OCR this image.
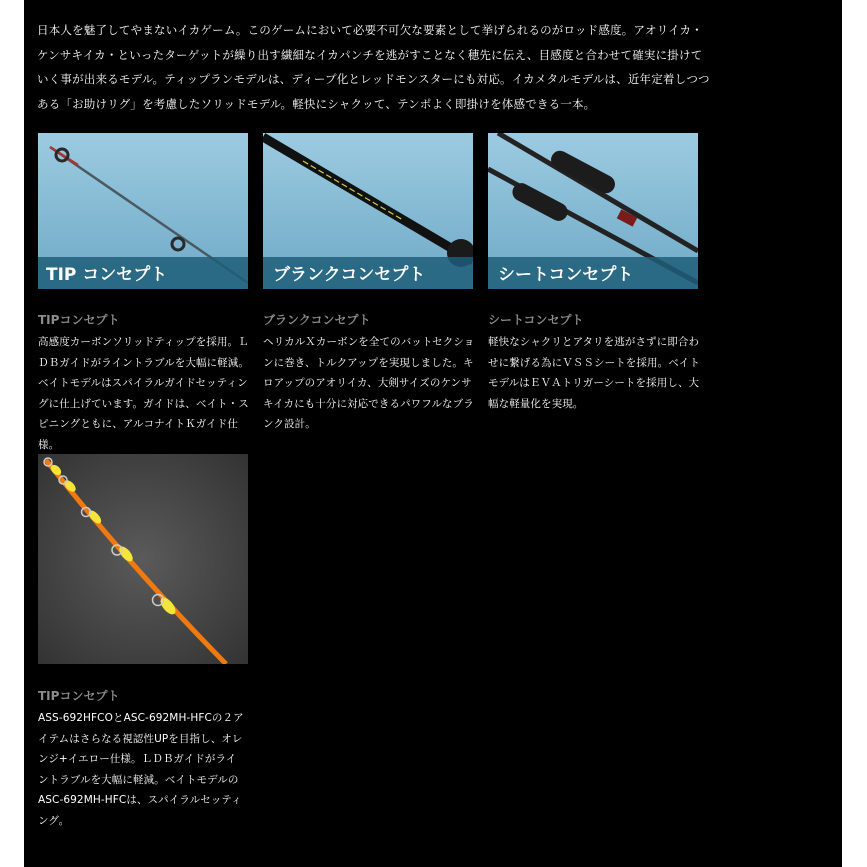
日本人を魅了してやまないイカゲーム。このゲームにおいて必要不可欠な要素として挙げられるのがロッド感度。アオリイカ・ケンサキイカ・といったターゲットが繰り出す繊細なイカパンチを逃がすことなく穂先に伝え、目感度と合わせて確実に掛けていく事が出来るモデル。ティップランモデルは、ディープ化とレッドモンスターにも対応。イカメタルモデルは、近年定着しつつある「お助けリグ」を考慮したソリッドモデル。軽快にシャクッて、テンポよく即掛けを体感できる一本。

TIP コンセプト	ブランクコンセプト	シートコンセプト

TIPコンセプト

高感度カーボンソリッドティップを採用。ＬＤＢガイドがライントラブルを大幅に軽減。ベイトモデルはスパイラルガイドセッティングに仕上げています。ガイドは、ベイト・スピニングともに、アルコナイトＫガイド仕様。

ブランクコンセプト

ヘリカルＸカーボンを全てのバットセクションに巻き、トルクアップを実現しました。キロアップのアオリイカ、大剣サイズのケンサキイカにも十分に対応できるパワフルなブランク設計。

シートコンセプト

軽快なシャクリとアタリを逃がさずに即合わせに繋げる為にＶＳＳシートを採用。ベイトモデルはＥＶＡトリガーシートを採用し、大幅な軽量化を実現。

TIPコンセプト

ASS-692HFCOとASC-692MH-HFCの２アイテムはさらなる視認性UPを目指し、オレンジ+イエロー仕様。ＬＤＢガイドがライントラブルを大幅に軽減。ベイトモデルのASC-692MH-HFCは、スパイラルセッティング。
